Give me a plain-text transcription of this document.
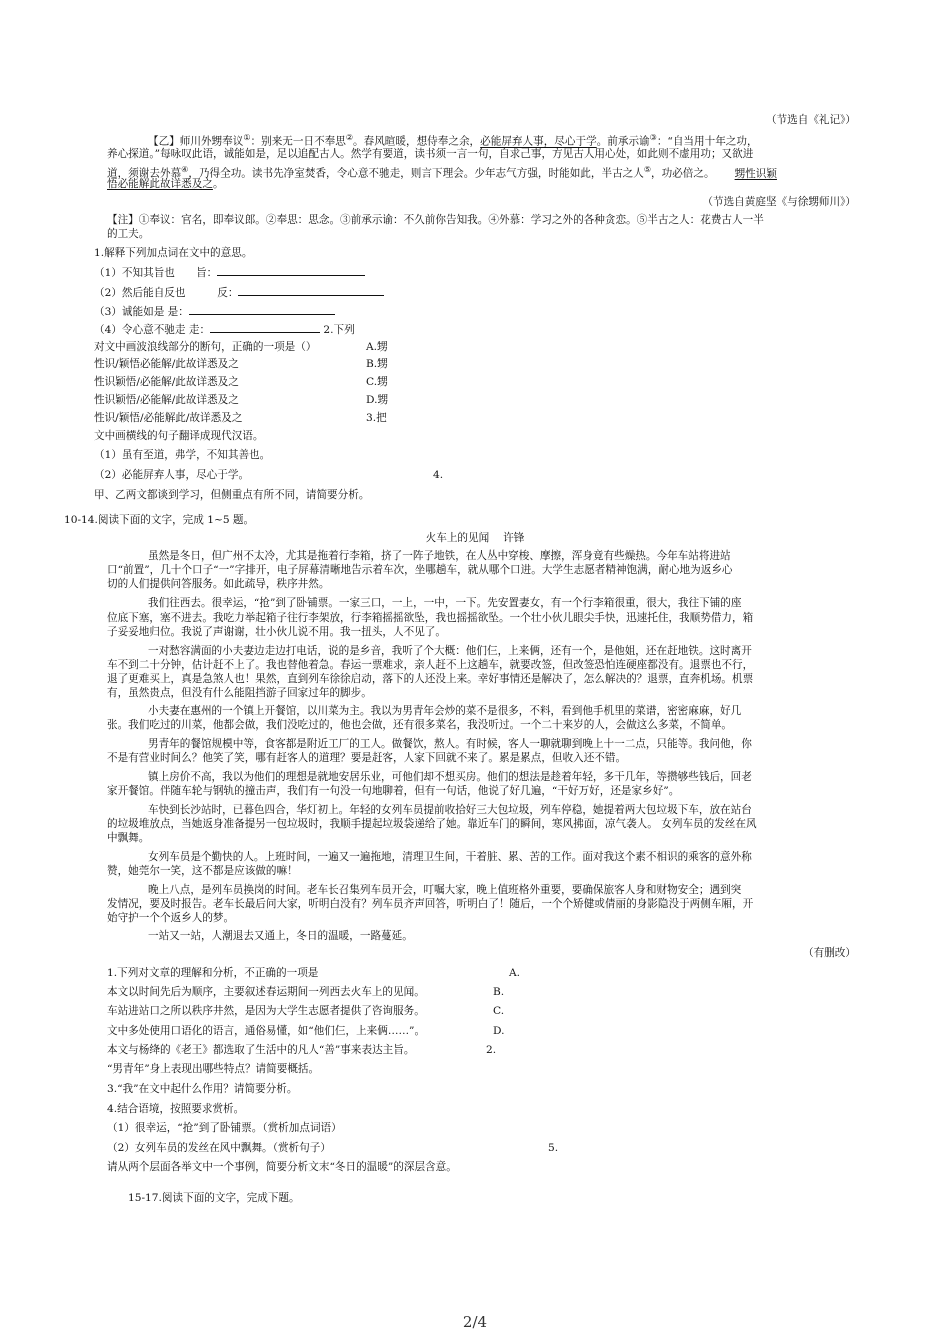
（节选自《礼记》）
【乙】师川外甥奉议①：别来无一日不奉思②。春风暄暖，想侍奉之余，必能屏弃人事，尽心于学。前承示谕③：“自当用十年之功，
养心探道。”每咏叹此语，诚能如是，足以追配古人。然学有要道，读书须一言一句，自求己事，方见古人用心处，如此则不虚用功；又欲进
道，须谢去外慕④，乃得全功。读书先净室焚香，令心意不驰走，则言下理会。少年志气方强，时能如此，半古之人⑤，功必倍之。 甥性识颖
悟必能解此故详悉及之。
（节选自黄庭坚《与徐甥师川》）
【注】①奉议：官名，即奉议郎。②奉思：思念。③前承示谕：不久前你告知我。④外慕：学习之外的各种贪恋。⑤半古之人：花费古人一半
的工夫。
1.解释下列加点词在文中的意思。
（1）不知其旨也　　旨：
（2）然后能自反也　　　反：
（3）诚能如是 是：
（4）令心意不驰走 走：	2.下列
对文中画波浪线部分的断句，正确的一项是（）	A.甥
性识/颖悟必能解/此故详悉及之	B.甥
性识颖悟/必能解/此故详悉及之	C.甥
性识颖悟/必能解/此故详悉及之	D.甥
性识/颖悟/必能解此/故详悉及之	3.把
文中画横线的句子翻译成现代汉语。
（1）虽有至道，弗学，不知其善也。
（2）必能屏弃人事，尽心于学。	4.
甲、乙两文都谈到学习，但侧重点有所不同，请简要分析。
10-14.阅读下面的文字，完成 1~5 题。
火车上的见闻　 许锋
虽然是冬日，但广州不太冷，尤其是拖着行李箱，挤了一阵子地铁，在人丛中穿梭、摩擦，浑身竟有些燥热。今年车站将进站
口“前置”，几十个口子“一”字排开，电子屏幕清晰地告示着车次，坐哪趟车，就从哪个口进。大学生志愿者精神饱满，耐心地为返乡心
切的人们提供问答服务。如此疏导，秩序井然。
我们往西去。很幸运，“抢”到了卧铺票。一家三口，一上，一中，一下。先安置妻女，有一个行李箱很重，很大，我往下铺的座
位底下塞，塞不进去。我吃力举起箱子往行李架放，行李箱摇摇欲坠，我也摇摇欲坠。一个壮小伙儿眼尖手快，迅速托住，我顺势借力，箱
子妥妥地归位。我说了声谢谢，壮小伙儿说不用。我一扭头，人不见了。
一对愁容满面的小夫妻边走边打电话，说的是乡音，我听了个大概：他们仨，上来俩，还有一个，是他姐，还在赶地铁。这时离开
车不到二十分钟，估计赶不上了。我也替他着急。春运一票难求，亲人赶不上这趟车，就要改签，但改签恐怕连硬座都没有。退票也不行，
退了更难买上，真是急煞人也！果然，直到列车徐徐启动，落下的人还没上来。幸好事情还是解决了，怎么解决的？退票，直奔机场。机票
有，虽然贵点，但没有什么能阻挡游子回家过年的脚步。
小夫妻在惠州的一个镇上开餐馆，以川菜为主。我以为男青年会炒的菜不是很多，不料，看到他手机里的菜谱，密密麻麻，好几
张。我们吃过的川菜，他都会做，我们没吃过的，他也会做，还有很多菜名，我没听过。一个二十来岁的人，会做这么多菜，不简单。
男青年的餐馆规模中等，食客都是附近工厂的工人。做餐饮，熬人。有时候，客人一聊就聊到晚上十一二点，只能等。我问他，你
不是有营业时间么？他笑了笑，哪有赶客人的道理？要是赶客，人家下回就不来了。累是累点，但收入还不错。
镇上房价不高，我以为他们的理想是就地安居乐业，可他们却不想买房。他们的想法是趁着年轻，多干几年，等攒够些钱后，回老
家开餐馆。伴随车轮与钢轨的撞击声，我们有一句没一句地聊着，但有一句话，他说了好几遍，“干好万好，还是家乡好”。
车快到长沙站时，已暮色四合，华灯初上。年轻的女列车员提前收拾好三大包垃圾，列车停稳，她提着两大包垃圾下车，放在站台
的垃圾堆放点，当她返身准备提另一包垃圾时，我顺手提起垃圾袋递给了她。靠近车门的瞬间，寒风拂面，凉气袭人。 女列车员的发丝在风
中飘舞。
女列车员是个勤快的人。上班时间，一遍又一遍拖地，清理卫生间，干着脏、累、苦的工作。面对我这个素不相识的乘客的意外称
赞，她莞尔一笑，这不都是应该做的嘛！
晚上八点，是列车员换岗的时间。老车长召集列车员开会，叮嘱大家，晚上值班格外重要，要确保旅客人身和财物安全；遇到突
发情况，要及时报告。老车长最后问大家，听明白没有？列车员齐声回答，听明白了！随后，一个个矫健或倩丽的身影隐没于两侧车厢，开
始守护一个个返乡人的梦。
一站又一站，人潮退去又通上，冬日的温暖，一路蔓延。
（有删改）
1.下列对文章的理解和分析，不正确的一项是	A.
本文以时间先后为顺序，主要叙述春运期间一列西去火车上的见闻。	B.
车站进站口之所以秩序井然，是因为大学生志愿者提供了咨询服务。	C.
文中多处使用口语化的语言，通俗易懂，如“他们仨，上来俩……”。	D.
本文与杨绛的《老王》都选取了生活中的凡人“善”事来表达主旨。	2.
“男青年”身上表现出哪些特点？请简要概括。
3.“我”在文中起什么作用？请简要分析。
4.结合语境，按照要求赏析。
（1）很幸运，“抢”到了卧铺票。（赏析加点词语）
（2）女列车员的发丝在风中飘舞。（赏析句子）	5.
请从两个层面各举文中一个事例，简要分析文末“冬日的温暖”的深层含意。
15-17.阅读下面的文字，完成下题。
2/4
